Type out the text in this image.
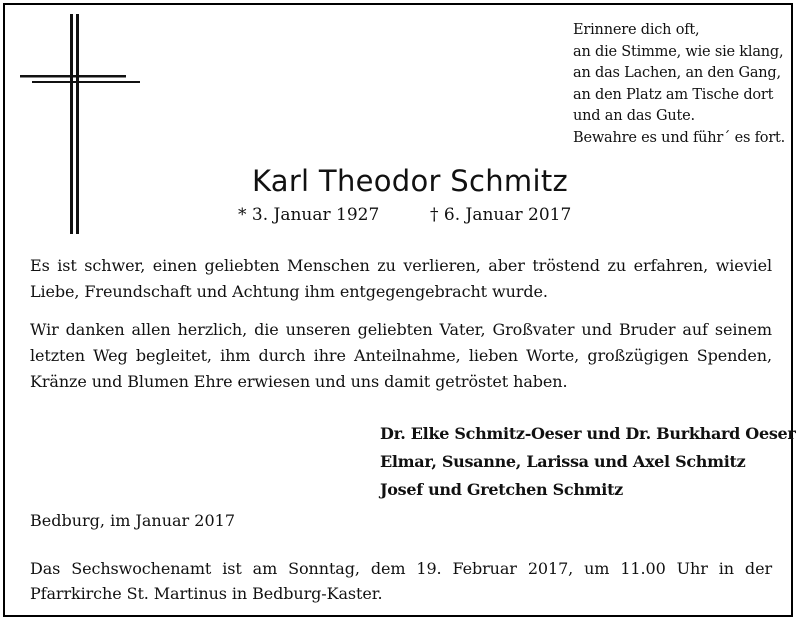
Erinnere dich oft,
an die Stimme, wie sie klang,
an das Lachen, an den Gang,
an den Platz am Tische dort
und an das Gute.
Bewahre es und führ´ es fort.
Karl Theodor Schmitz
* 3. Januar 1927	† 6. Januar 2017
Es ist schwer, einen geliebten Menschen zu verlieren, aber tröstend zu erfahren, wieviel Liebe, Freundschaft und Achtung ihm entgegengebracht wurde.
Wir danken allen herzlich, die unseren geliebten Vater, Großvater und Bruder auf seinem letzten Weg begleitet, ihm durch ihre Anteilnahme, lieben Worte, großzügigen Spenden, Kränze und Blumen Ehre erwiesen und uns damit getröstet haben.
Dr. Elke Schmitz-Oeser und Dr. Burkhard Oeser
Elmar, Susanne, Larissa und Axel Schmitz
Josef und Gretchen Schmitz
Bedburg, im Januar 2017
Das Sechswochenamt ist am Sonntag, dem 19. Februar 2017, um 11.00 Uhr in der Pfarrkirche St. Martinus in Bedburg-Kaster.
